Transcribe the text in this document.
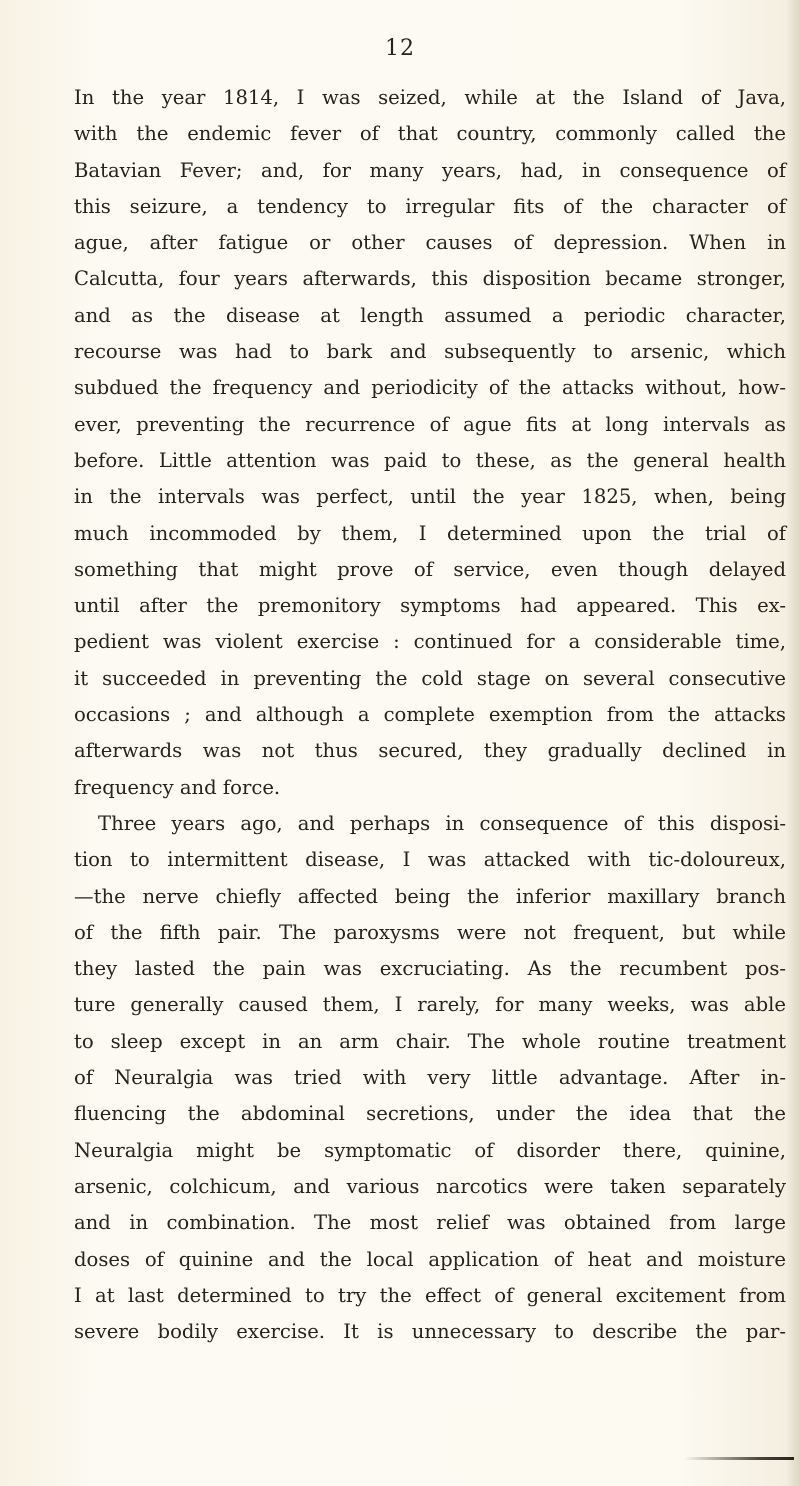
12
In the year 1814, I was seized, while at the Island of Java,
with the endemic fever of that country, commonly called the
Batavian Fever; and, for many years, had, in consequence of
this seizure, a tendency to irregular fits of the character of
ague, after fatigue or other causes of depression. When in
Calcutta, four years afterwards, this disposition became stronger,
and as the disease at length assumed a periodic character,
recourse was had to bark and subsequently to arsenic, which
subdued the frequency and periodicity of the attacks without, how-
ever, preventing the recurrence of ague fits at long intervals as
before. Little attention was paid to these, as the general health
in the intervals was perfect, until the year 1825, when, being
much incommoded by them, I determined upon the trial of
something that might prove of service, even though delayed
until after the premonitory symptoms had appeared. This ex-
pedient was violent exercise : continued for a considerable time,
it succeeded in preventing the cold stage on several consecutive
occasions ; and although a complete exemption from the attacks
afterwards was not thus secured, they gradually declined in
frequency and force.
Three years ago, and perhaps in consequence of this disposi-
tion to intermittent disease, I was attacked with tic-doloureux,
—the nerve chiefly affected being the inferior maxillary branch
of the fifth pair. The paroxysms were not frequent, but while
they lasted the pain was excruciating. As the recumbent pos-
ture generally caused them, I rarely, for many weeks, was able
to sleep except in an arm chair. The whole routine treatment
of Neuralgia was tried with very little advantage. After in-
fluencing the abdominal secretions, under the idea that the
Neuralgia might be symptomatic of disorder there, quinine,
arsenic, colchicum, and various narcotics were taken separately
and in combination. The most relief was obtained from large
doses of quinine and the local application of heat and moisture
I at last determined to try the effect of general excitement from
severe bodily exercise. It is unnecessary to describe the par-
